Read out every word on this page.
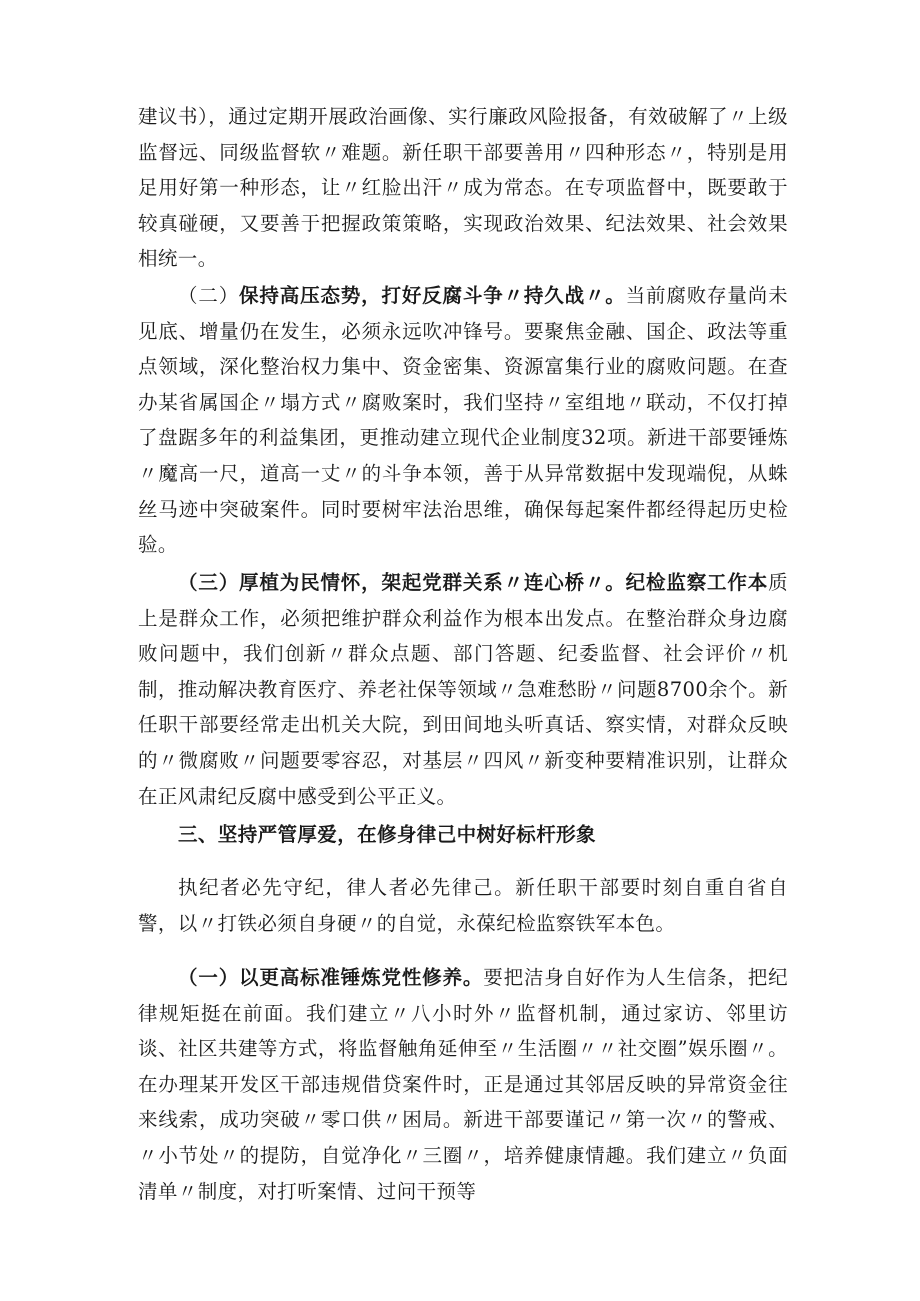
建议书），通过定期开展政治画像、实行廉政风险报备，有效破解了〃上级监督远、同级监督软〃难题。新任职干部要善用〃四种形态〃，特别是用足用好第一种形态，让〃红脸出汗〃成为常态。在专项监督中，既要敢于较真碰硬，又要善于把握政策策略，实现政治效果、纪法效果、社会效果相统一。

（二）保持高压态势，打好反腐斗争〃持久战〃。当前腐败存量尚未见底、增量仍在发生，必须永远吹冲锋号。要聚焦金融、国企、政法等重点领域，深化整治权力集中、资金密集、资源富集行业的腐败问题。在查办某省属国企〃塌方式〃腐败案时，我们坚持〃室组地〃联动，不仅打掉了盘踞多年的利益集团，更推动建立现代企业制度32项。新进干部要锤炼〃魔高一尺，道高一丈〃的斗争本领，善于从异常数据中发现端倪，从蛛丝马迹中突破案件。同时要树牢法治思维，确保每起案件都经得起历史检验。

（三）厚植为民情怀，架起党群关系〃连心桥〃。纪检监察工作本质上是群众工作，必须把维护群众利益作为根本出发点。在整治群众身边腐败问题中，我们创新〃群众点题、部门答题、纪委监督、社会评价〃机制，推动解决教育医疗、养老社保等领域〃急难愁盼〃问题8700余个。新任职干部要经常走出机关大院，到田间地头听真话、察实情，对群众反映的〃微腐败〃问题要零容忍，对基层〃四风〃新变种要精准识别，让群众在正风肃纪反腐中感受到公平正义。

三、坚持严管厚爱，在修身律己中树好标杆形象

执纪者必先守纪，律人者必先律己。新任职干部要时刻自重自省自警，以〃打铁必须自身硬〃的自觉，永葆纪检监察铁军本色。

（一）以更高标准锤炼党性修养。要把洁身自好作为人生信条，把纪律规矩挺在前面。我们建立〃八小时外〃监督机制，通过家访、邻里访谈、社区共建等方式，将监督触角延伸至〃生活圈〃〃社交圈”娱乐圈〃。在办理某开发区干部违规借贷案件时，正是通过其邻居反映的异常资金往来线索，成功突破〃零口供〃困局。新进干部要谨记〃第一次〃的警戒、〃小节处〃的提防，自觉净化〃三圈〃，培养健康情趣。我们建立〃负面清单〃制度，对打听案情、过问干预等
